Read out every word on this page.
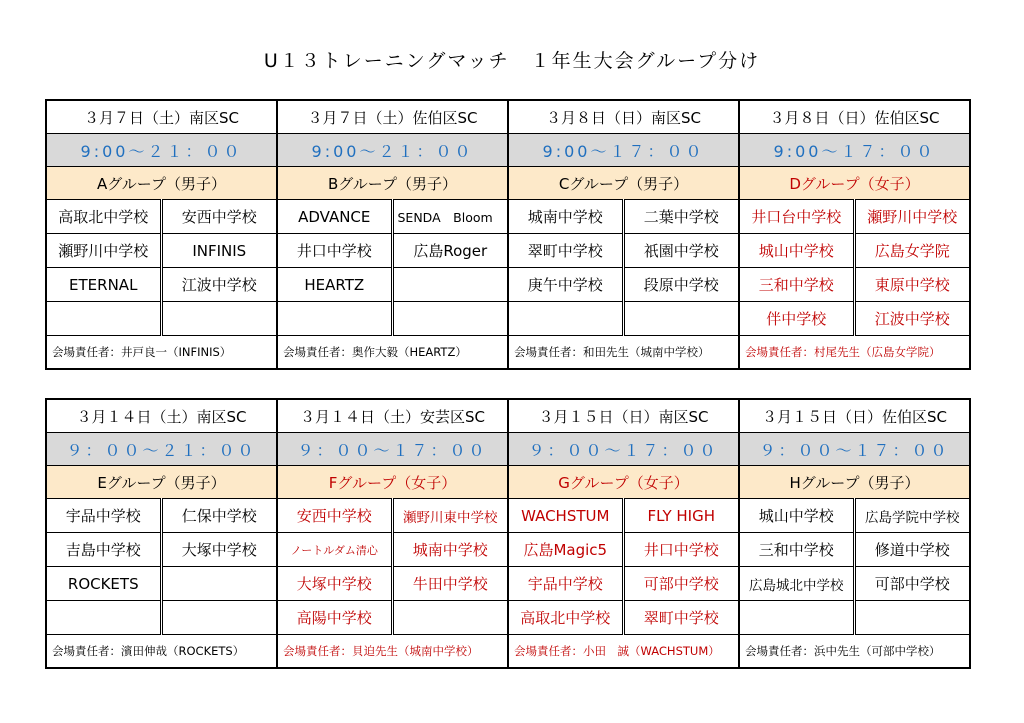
U１３トレーニングマッチ　１年生大会グループ分け
３月７日（土）南区SC		３月７日（土）佐伯区SC		３月８日（日）南区SC		３月８日（日）佐伯区SC	
9:00～２１：００		9:00～２１：００		9:00～１７：００		9:00～１７：００	
Aグループ（男子）		Bグループ（男子）		Cグループ（男子）		Dグループ（女子）	
高取北中学校	安西中学校	ADVANCE	SENDA　Bloom	城南中学校	二葉中学校	井口台中学校	瀬野川中学校
瀬野川中学校	INFINIS	井口中学校	広島Roger	翠町中学校	祇園中学校	城山中学校	広島女学院
ETERNAL	江波中学校	HEARTZ		庚午中学校	段原中学校	三和中学校	東原中学校
						伴中学校	江波中学校
会場責任者：井戸良一（INFINIS）		会場責任者：奥作大毅（HEARTZ）		会場責任者：和田先生（城南中学校）		会場責任者：村尾先生（広島女学院）	
３月１４日（土）南区SC		３月１４日（土）安芸区SC		３月１５日（日）南区SC		３月１５日（日）佐伯区SC	
９：００～２１：００		９：００～１７：００		９：００～１７：００		９：００～１７：００	
Eグループ（男子）		Fグループ（女子）		Gグループ（女子）		Hグループ（男子）	
宇品中学校	仁保中学校	安西中学校	瀬野川東中学校	WACHSTUM	FLY HIGH	城山中学校	広島学院中学校
吉島中学校	大塚中学校	ノートルダム清心	城南中学校	広島Magic5	井口中学校	三和中学校	修道中学校
ROCKETS		大塚中学校	牛田中学校	宇品中学校	可部中学校	広島城北中学校	可部中学校
		高陽中学校		高取北中学校	翠町中学校		
会場責任者：濱田伸哉（ROCKETS）		会場責任者：貝迫先生（城南中学校）		会場責任者：小田　誠（WACHSTUM）		会場責任者：浜中先生（可部中学校）	
